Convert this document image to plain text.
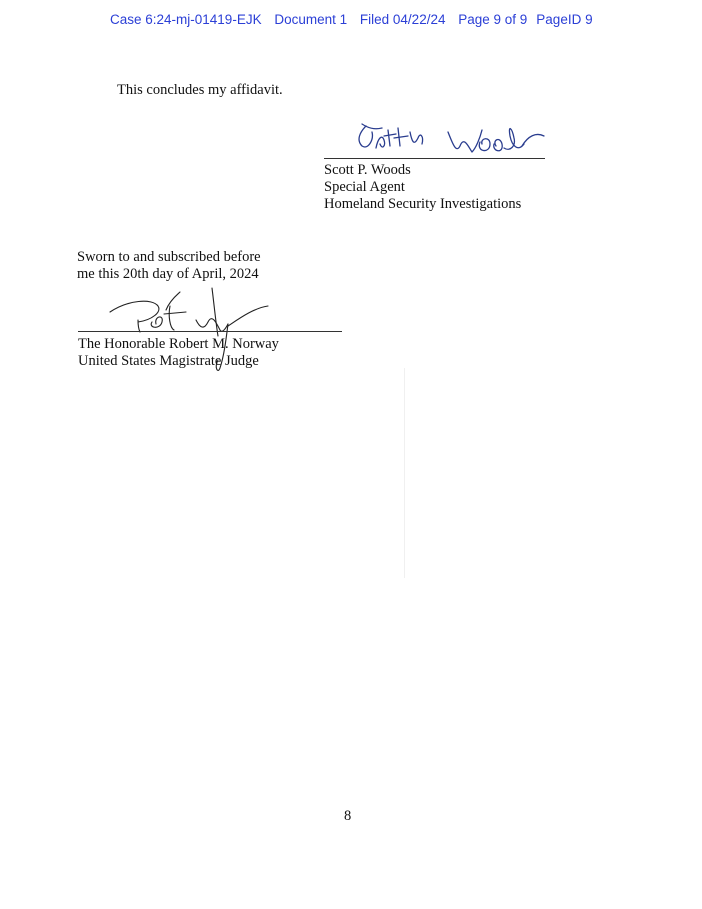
Case 6:24-mj-01419-EJK Document 1 Filed 04/22/24 Page 9 of 9 PageID 9
This concludes my affidavit.
Scott P. Woods
Special Agent
Homeland Security Investigations
Sworn to and subscribed before
me this 20th day of April, 2024
The Honorable Robert M. Norway
United States Magistrate Judge
8
